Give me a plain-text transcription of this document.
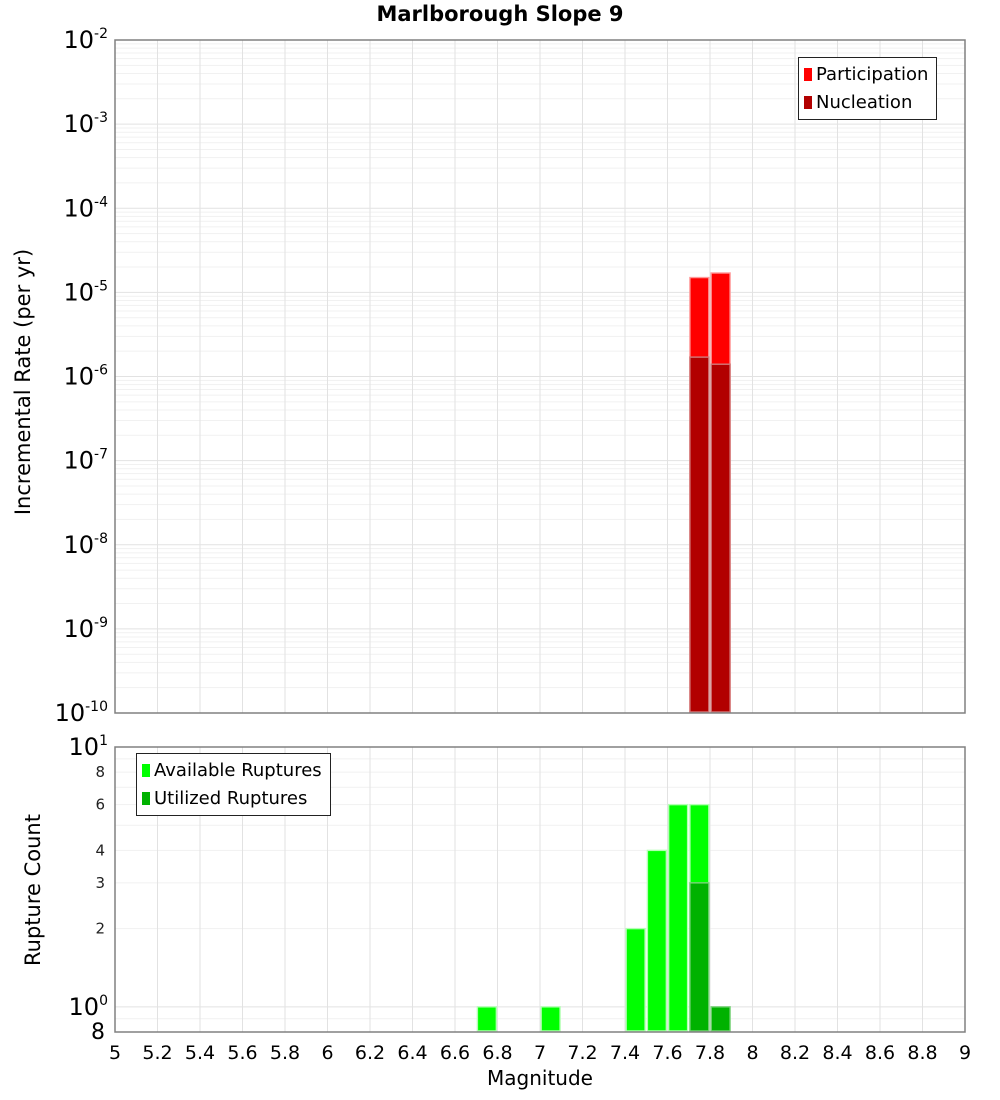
Marlborough Slope 9
$10^{-2}$
$10^{-3}$
$10^{-4}$
$10^{-5}$
$10^{-6}$
$10^{-7}$
$10^{-8}$
$10^{-9}$
$10^{-10}$
$10^1$
$10^0$
8
6
4
3
2
8
5 5.2 5.4 5.6 5.8 6 6.2 6.4 6.6 6.8 7 7.2 7.4 7.6 7.8 8 8.2 8.4 8.6 8.8 9
Incremental Rate (per yr)
Rupture Count
Magnitude
Participation
Nucleation
Available Ruptures
Utilized Ruptures
